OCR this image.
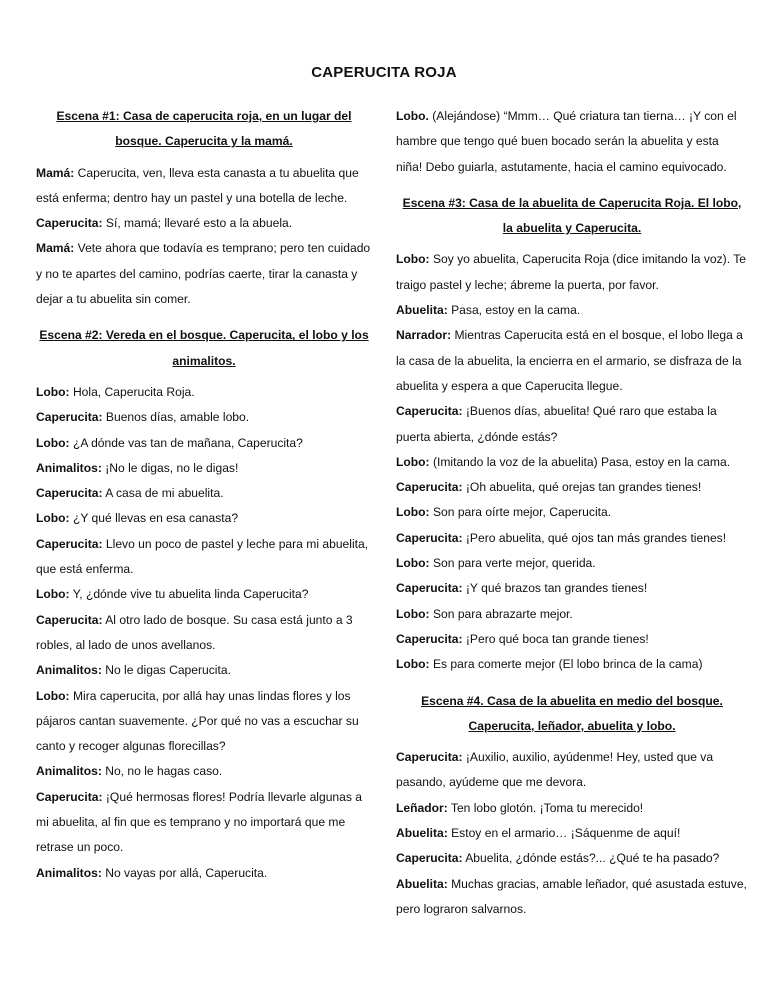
CAPERUCITA ROJA

Escena #1: Casa de caperucita roja, en un lugar del bosque. Caperucita y la mamá.

Mamá: Caperucita, ven, lleva esta canasta a tu abuelita que está enferma; dentro hay un pastel y una botella de leche.

Caperucita: Sí, mamá; llevaré esto a la abuela.

Mamá: Vete ahora que todavía es temprano; pero ten cuidado y no te apartes del camino, podrías caerte, tirar la canasta y dejar a tu abuelita sin comer.

Escena #2: Vereda en el bosque. Caperucita, el lobo y los animalitos.

Lobo: Hola, Caperucita Roja.

Caperucita: Buenos días, amable lobo.

Lobo: ¿A dónde vas tan de mañana, Caperucita?

Animalitos: ¡No le digas, no le digas!

Caperucita: A casa de mi abuelita.

Lobo: ¿Y qué llevas en esa canasta?

Caperucita: Llevo un poco de pastel y leche para mi abuelita, que está enferma.

Lobo: Y, ¿dónde vive tu abuelita linda Caperucita?

Caperucita: Al otro lado de bosque. Su casa está junto a 3 robles, al lado de unos avellanos.

Animalitos: No le digas Caperucita.

Lobo: Mira caperucita, por allá hay unas lindas flores y los pájaros cantan suavemente. ¿Por qué no vas a escuchar su canto y recoger algunas florecillas?

Animalitos: No, no le hagas caso.

Caperucita: ¡Qué hermosas flores! Podría llevarle algunas a mi abuelita, al fin que es temprano y no importará que me retrase un poco.

Animalitos: No vayas por allá, Caperucita.

Lobo. (Alejándose) “Mmm… Qué criatura tan tierna… ¡Y con el hambre que tengo qué buen bocado serán la abuelita y esta niña! Debo guiarla, astutamente, hacia el camino equivocado.

Escena #3: Casa de la abuelita de Caperucita Roja. El lobo, la abuelita y Caperucita.

Lobo: Soy yo abuelita, Caperucita Roja (dice imitando la voz). Te traigo pastel y leche; ábreme la puerta, por favor.

Abuelita: Pasa, estoy en la cama.

Narrador: Mientras Caperucita está en el bosque, el lobo llega a la casa de la abuelita, la encierra en el armario, se disfraza de la abuelita y espera a que Caperucita llegue.

Caperucita: ¡Buenos días, abuelita! Qué raro que estaba la puerta abierta, ¿dónde estás?

Lobo: (Imitando la voz de la abuelita) Pasa, estoy en la cama.

Caperucita: ¡Oh abuelita, qué orejas tan grandes tienes!

Lobo: Son para oírte mejor, Caperucita.

Caperucita: ¡Pero abuelita, qué ojos tan más grandes tienes!

Lobo: Son para verte mejor, querida.

Caperucita: ¡Y qué brazos tan grandes tienes!

Lobo: Son para abrazarte mejor.

Caperucita: ¡Pero qué boca tan grande tienes!

Lobo: Es para comerte mejor (El lobo brinca de la cama)

Escena #4. Casa de la abuelita en medio del bosque. Caperucita, leñador, abuelita y lobo.

Caperucita: ¡Auxilio, auxilio, ayúdenme! Hey, usted que va pasando, ayúdeme que me devora.

Leñador: Ten lobo glotón. ¡Toma tu merecido!

Abuelita: Estoy en el armario… ¡Sáquenme de aquí!

Caperucita: Abuelita, ¿dónde estás?... ¿Qué te ha pasado?

Abuelita: Muchas gracias, amable leñador, qué asustada estuve, pero lograron salvarnos.
